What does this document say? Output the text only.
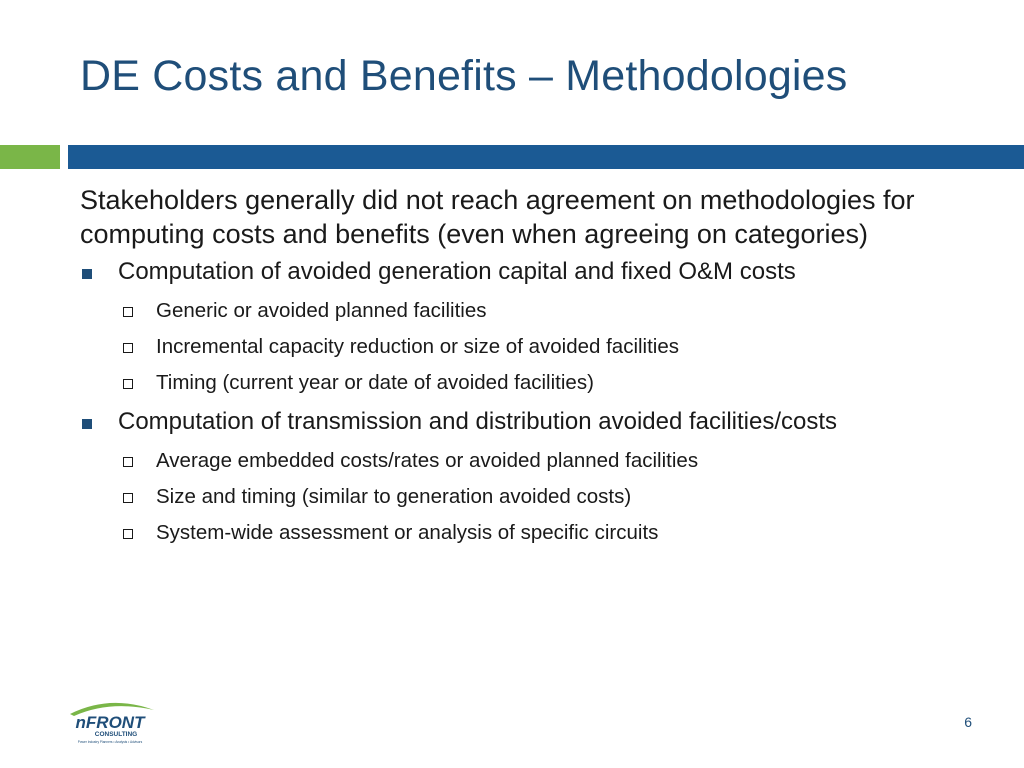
DE Costs and Benefits – Methodologies

Stakeholders generally did not reach agreement on methodologies for computing costs and benefits (even when agreeing on categories)

Computation of avoided generation capital and fixed O&M costs
Generic or avoided planned facilities
Incremental capacity reduction or size of avoided facilities
Timing (current year or date of avoided facilities)
Computation of transmission and distribution avoided facilities/costs
Average embedded costs/rates or avoided planned facilities
Size and timing (similar to generation avoided costs)
System-wide assessment or analysis of specific circuits
nFRONT
CONSULTING
Power Industry Planners • Analysts • Advisors
6
